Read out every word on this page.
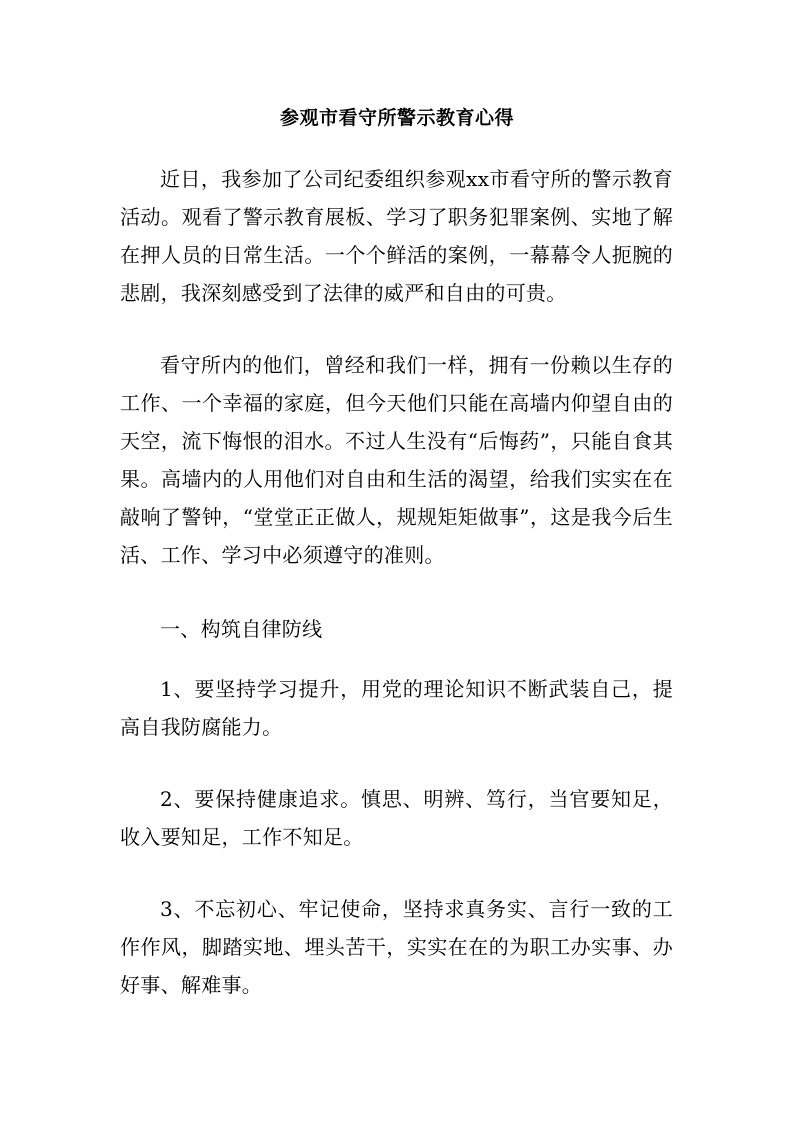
参观市看守所警示教育心得

近日，我参加了公司纪委组织参观xx市看守所的警示教育活动。观看了警示教育展板、学习了职务犯罪案例、实地了解在押人员的日常生活。一个个鲜活的案例，一幕幕令人扼腕的悲剧，我深刻感受到了法律的威严和自由的可贵。

看守所内的他们，曾经和我们一样，拥有一份赖以生存的工作、一个幸福的家庭，但今天他们只能在高墙内仰望自由的天空，流下悔恨的泪水。不过人生没有“后悔药”，只能自食其果。高墙内的人用他们对自由和生活的渴望，给我们实实在在敲响了警钟，“堂堂正正做人，规规矩矩做事”，这是我今后生活、工作、学习中必须遵守的准则。

一、构筑自律防线

1、要坚持学习提升，用党的理论知识不断武装自己，提高自我防腐能力。

2、要保持健康追求。慎思、明辨、笃行，当官要知足，收入要知足，工作不知足。

3、不忘初心、牢记使命，坚持求真务实、言行一致的工作作风，脚踏实地、埋头苦干，实实在在的为职工办实事、办好事、解难事。
